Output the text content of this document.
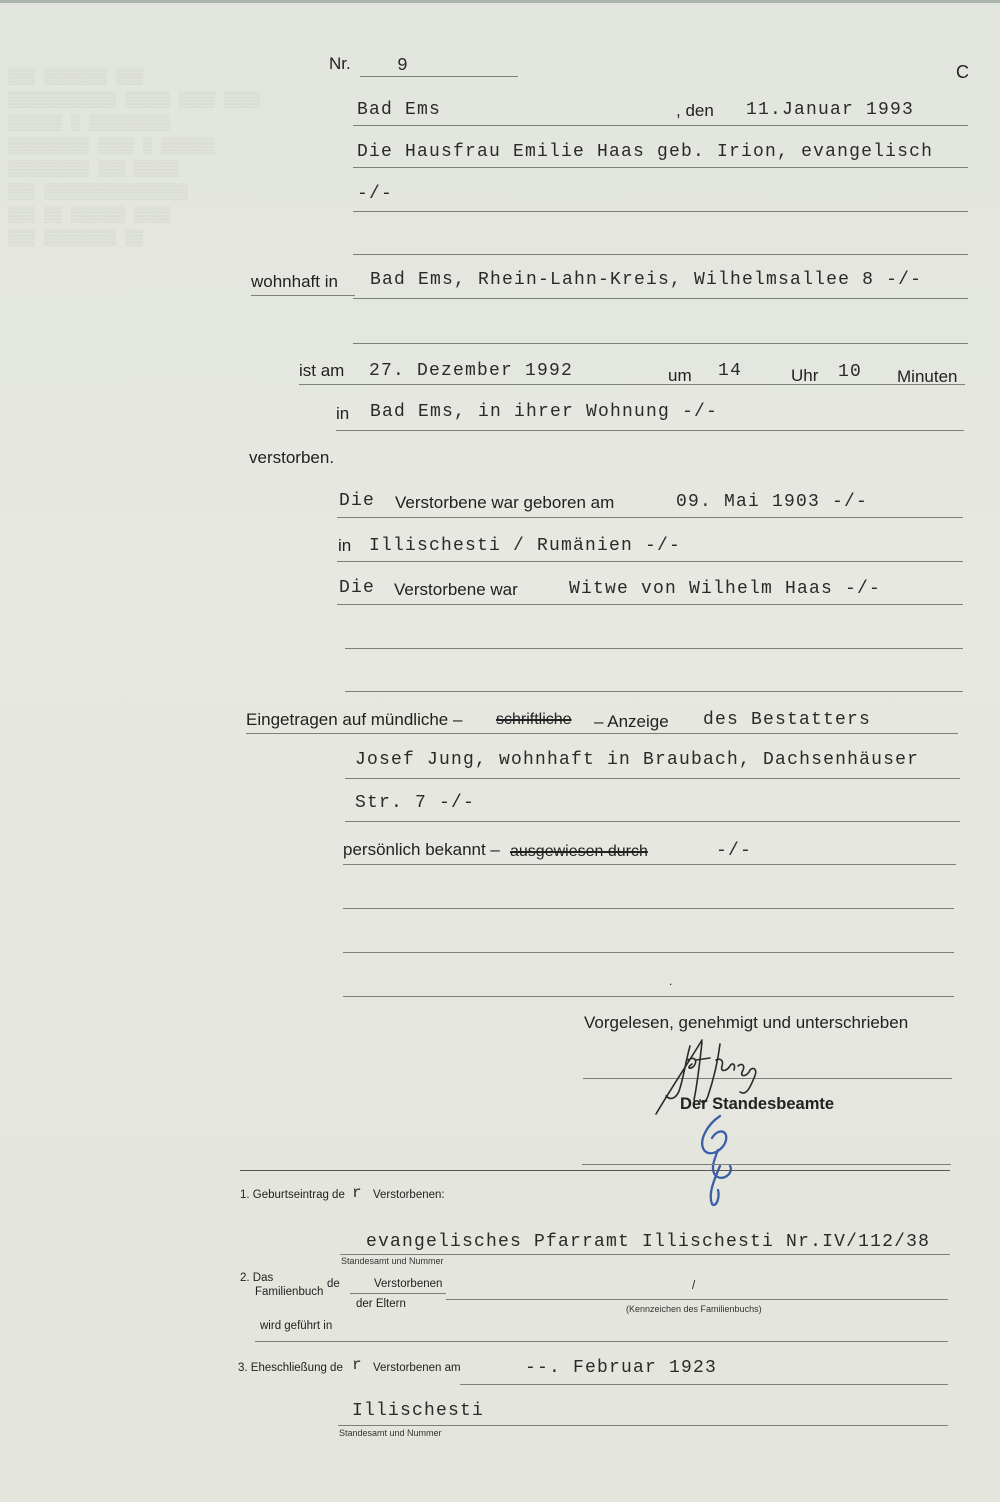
▒▒▒ ▒▒▒▒▒▒▒ ▒▒▒
▒▒▒▒▒▒▒▒▒▒▒▒ ▒▒▒▒▒ ▒▒▒▒ ▒▒▒▒
▒▒▒▒▒▒ ▒ ▒▒▒▒▒▒▒▒▒
▒▒▒▒▒▒▒▒▒ ▒▒▒▒ ▒ ▒▒▒▒▒▒
▒▒▒▒▒▒▒▒▒ ▒▒▒ ▒▒▒▒▒
▒▒▒ ▒▒▒▒▒▒▒▒▒▒▒▒▒▒▒▒
▒▒▒ ▒▒ ▒▒▒▒▒▒ ▒▒▒▒
▒▒▒ ▒▒▒▒▒▒▒▒ ▒▒
Nr.	9	C
Bad Ems	, den 11.Januar 1993
Die Hausfrau Emilie Haas geb. Irion, evangelisch
-/-
wohnhaft in Bad Ems, Rhein-Lahn-Kreis, Wilhelmsallee 8 -/-
ist am 27. Dezember 1992	um 14	Uhr 10 Minuten
in Bad Ems, in ihrer Wohnung -/-
verstorben.
Die Verstorbene war geboren am	09. Mai 1903 -/-
in Illischesti / Rumänien -/-
Die Verstorbene war	Witwe von Wilhelm Haas -/-
Eingetragen auf mündliche – schriftliche – Anzeige des Bestatters
Josef Jung, wohnhaft in Braubach, Dachsenhäuser
Str. 7 -/-
persönlich bekannt – ausgewiesen durch	-/-
.
Vorgelesen, genehmigt und unterschrieben
Der Standesbeamte
1. Geburtseintrag de r Verstorbenen:
evangelisches Pfarramt Illischesti Nr.IV/112/38
Standesamt und Nummer
2. Das
Familienbuch
de	Verstorbenen
der Eltern
/
(Kennzeichen des Familienbuchs)
wird geführt in
3. Eheschließung de r Verstorbenen am	--. Februar 1923
Illischesti
Standesamt und Nummer
